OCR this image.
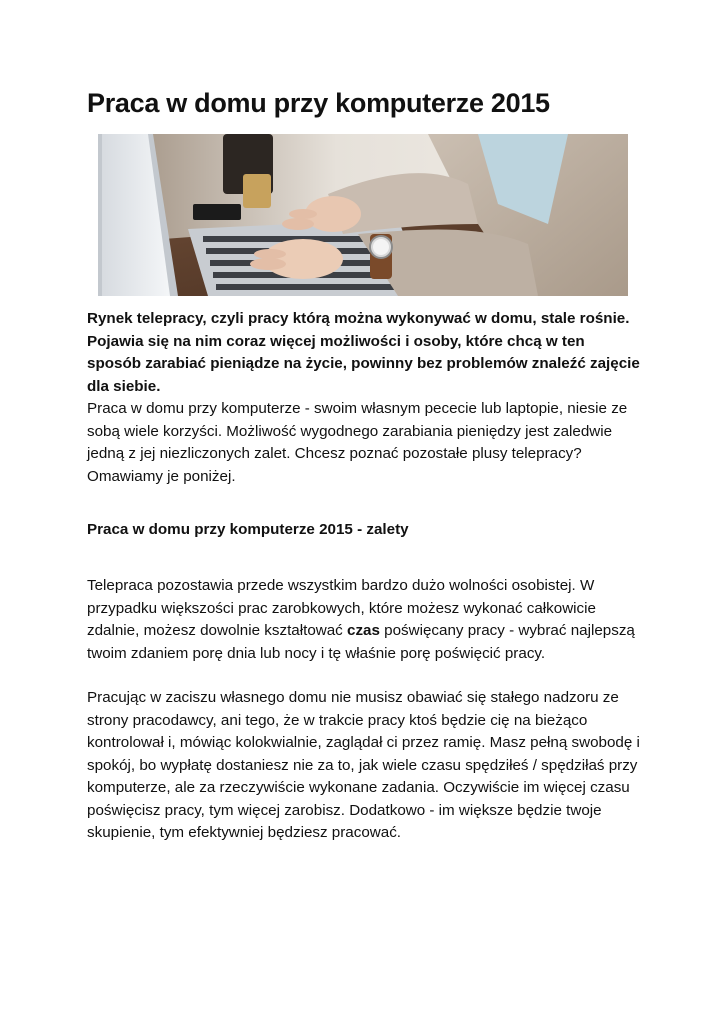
Praca w domu przy komputerze 2015

Rynek telepracy, czyli pracy którą można wykonywać w domu, stale rośnie. Pojawia się na nim coraz więcej możliwości i osoby, które chcą w ten sposób zarabiać pieniądze na życie, powinny bez problemów znaleźć zajęcie dla siebie.

Praca w domu przy komputerze - swoim własnym pececie lub laptopie, niesie ze sobą wiele korzyści. Możliwość wygodnego zarabiania pieniędzy jest zaledwie jedną z jej niezliczonych zalet. Chcesz poznać pozostałe plusy telepracy? Omawiamy je poniżej.

Praca w domu przy komputerze 2015 - zalety

Telepraca pozostawia przede wszystkim bardzo dużo wolności osobistej. W przypadku większości prac zarobkowych, które możesz wykonać całkowicie zdalnie, możesz dowolnie kształtować czas poświęcany pracy - wybrać najlepszą twoim zdaniem porę dnia lub nocy i tę właśnie porę poświęcić pracy.

Pracując w zaciszu własnego domu nie musisz obawiać się stałego nadzoru ze strony pracodawcy, ani tego, że w trakcie pracy ktoś będzie cię na bieżąco kontrolował i, mówiąc kolokwialnie, zaglądał ci przez ramię. Masz pełną swobodę i spokój, bo wypłatę dostaniesz nie za to, jak wiele czasu spędziłeś / spędziłaś przy komputerze, ale za rzeczywiście wykonane zadania. Oczywiście im więcej czasu poświęcisz pracy, tym więcej zarobisz. Dodatkowo - im większe będzie twoje skupienie, tym efektywniej będziesz pracować.
